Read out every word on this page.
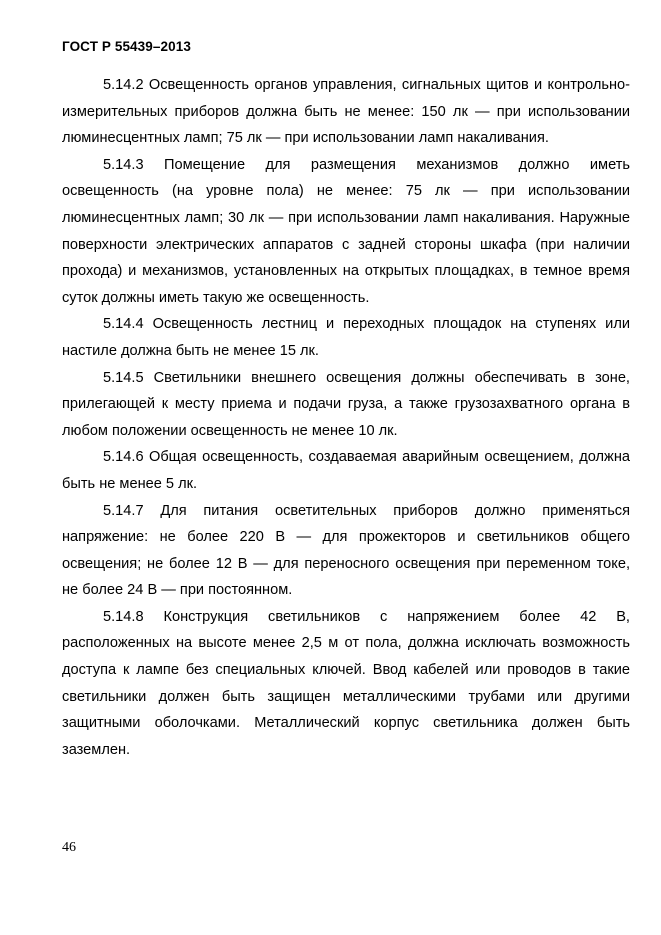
ГОСТ Р 55439–2013

5.14.2 Освещенность органов управления, сигнальных щитов и контрольно-измерительных приборов должна быть не менее: 150 лк — при использовании люминесцентных ламп; 75 лк — при использовании ламп накаливания.

5.14.3 Помещение для размещения механизмов должно иметь освещенность (на уровне пола) не менее: 75 лк — при использовании люминесцентных ламп; 30 лк — при использовании ламп накаливания. Наружные поверхности электрических аппаратов с задней стороны шкафа (при наличии прохода) и механизмов, установленных на открытых площадках, в темное время суток должны иметь такую же освещенность.

5.14.4 Освещенность лестниц и переходных площадок на ступенях или настиле должна быть не менее 15 лк.

5.14.5 Светильники внешнего освещения должны обеспечивать в зоне, прилегающей к месту приема и подачи груза, а также грузозахватного органа в любом положении освещенность не менее 10 лк.

5.14.6 Общая освещенность, создаваемая аварийным освещением, должна быть не менее 5 лк.

5.14.7 Для питания осветительных приборов должно применяться напряжение: не более 220 В — для прожекторов и светильников общего освещения; не более 12 В — для переносного освещения при переменном токе, не более 24 В — при постоянном.

5.14.8 Конструкция светильников с напряжением более 42 В, расположенных на высоте менее 2,5 м от пола, должна исключать возможность доступа к лампе без специальных ключей. Ввод кабелей или проводов в такие светильники должен быть защищен металлическими трубами или другими защитными оболочками. Металлический корпус светильника должен быть заземлен.

46
